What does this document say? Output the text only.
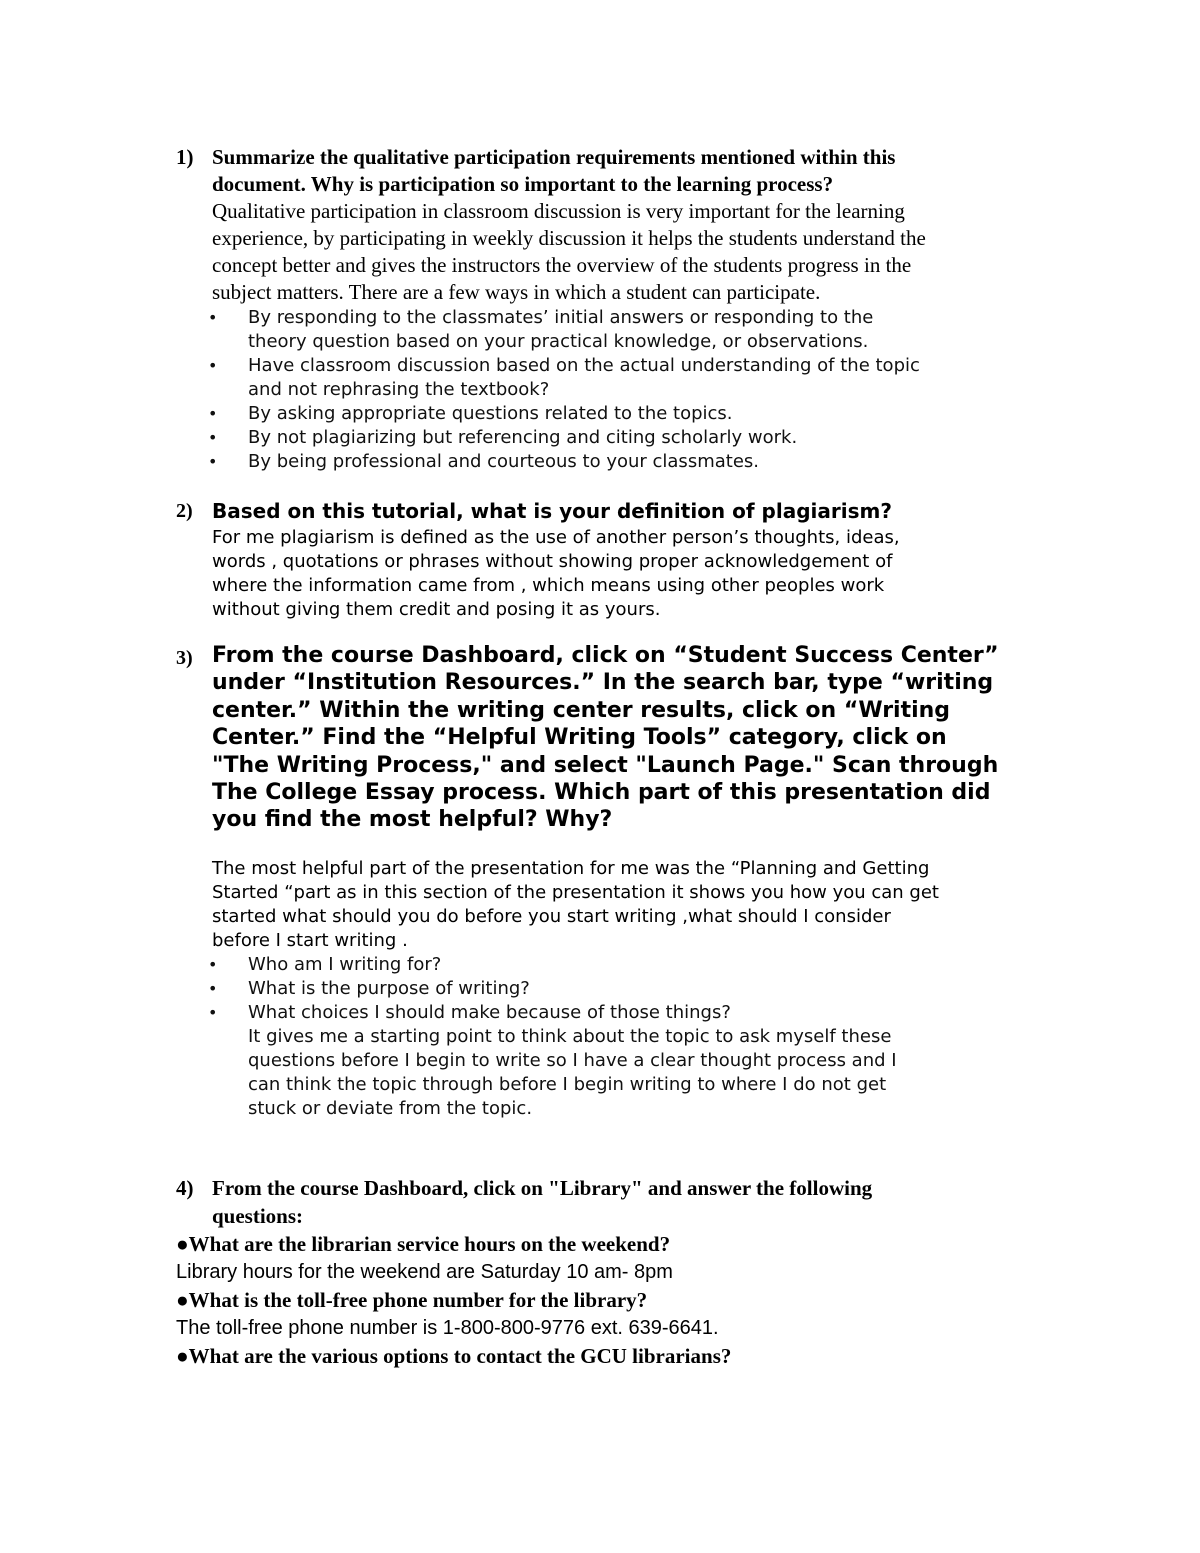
1) Summarize the qualitative participation requirements mentioned within this
document. Why is participation so important to the learning process?
Qualitative participation in classroom discussion is very important for the learning
experience, by participating in weekly discussion it helps the students understand the
concept better and gives the instructors the overview of the students progress in the
subject matters. There are a few ways in which a student can participate.
• By responding to the classmates’ initial answers or responding to the
theory question based on your practical knowledge, or observations.
• Have classroom discussion based on the actual understanding of the topic
and not rephrasing the textbook?
• By asking appropriate questions related to the topics.
• By not plagiarizing but referencing and citing scholarly work.
• By being professional and courteous to your classmates.
2) Based on this tutorial, what is your definition of plagiarism?
For me plagiarism is defined as the use of another person’s thoughts, ideas,
words , quotations or phrases without showing proper acknowledgement of
where the information came from , which means using other peoples work
without giving them credit and posing it as yours.
3) From the course Dashboard, click on “Student Success Center”
under “Institution Resources.” In the search bar, type “writing
center.” Within the writing center results, click on “Writing
Center.” Find the “Helpful Writing Tools” category, click on
"The Writing Process," and select "Launch Page." Scan through
The College Essay process. Which part of this presentation did
you find the most helpful? Why?
The most helpful part of the presentation for me was the “Planning and Getting
Started “part as in this section of the presentation it shows you how you can get
started what should you do before you start writing ,what should I consider
before I start writing .
• Who am I writing for?
• What is the purpose of writing?
• What choices I should make because of those things?
It gives me a starting point to think about the topic to ask myself these
questions before I begin to write so I have a clear thought process and I
can think the topic through before I begin writing to where I do not get
stuck or deviate from the topic.
4) From the course Dashboard, click on "Library" and answer the following
questions:
●What are the librarian service hours on the weekend?
Library hours for the weekend are Saturday 10 am- 8pm
●What is the toll-free phone number for the library?
The toll-free phone number is 1-800-800-9776 ext. 639-6641.
●What are the various options to contact the GCU librarians?
